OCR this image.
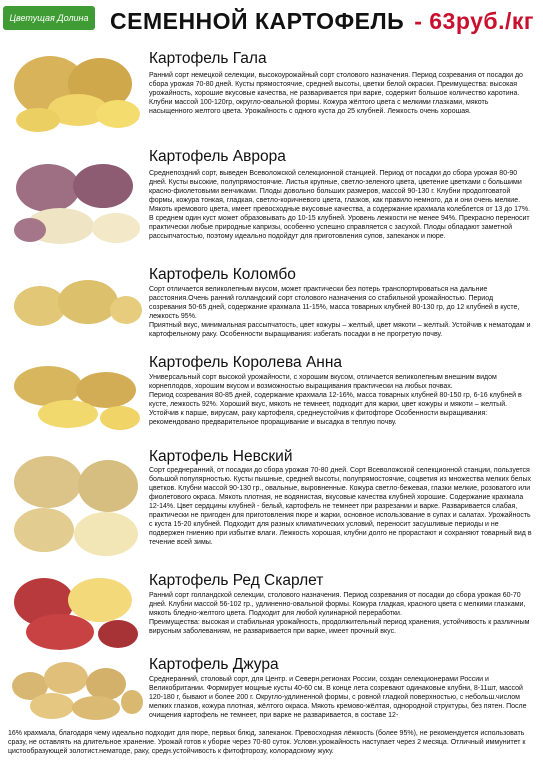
Цветущая Долина СЕМЕННОЙ КАРТОФЕЛЬ - 63руб./кг
Картофель Гала
Ранний сорт немецкой селекции, высокоурожайный сорт столового назначения. Период созревания от посадки до сбора урожая 70-80 дней. Кусты прямостоячие, средней высоты, цветки белой окраски. Преимущества: высокая урожайность, хорошие вкусовые качества, не разваривается при варке, содержит большое количество каротина. Клубни массой 100-120гр, округло-овальной формы. Кожура жёлтого цвета с мелкими глазками, мякоть насыщенного желтого цвета. Урожайность с одного куста до 25 клубней. Лежкость очень хорошая.
Картофель Аврора
Среднепоздний сорт, выведен Всеволожской селекционной станцией. Период от посадки до сбора урожая 80-90 дней. Кусты высокие, полупрямостоячие. Листья крупные, светло-зеленого цвета, цветение цветками с большими красно-фиолетовыми венчиками. Плоды довольно больших размеров, массой 90-130 г. Клубни продолговатой формы, кожура тонкая, гладкая, светло-коричневого цвета, глазков, как правило немного, да и они очень мелкие. Мякоть кремового цвета, имеет превосходные вкусовые качества, а содержание крахмала колеблется от 13 до 17%. В среднем один куст может образовывать до 10-15 клубней. Уровень лежкости не менее 94%. Прекрасно переносит практически любые природные капризы, особенно успешно справляется с засухой. Плоды обладают заметной рассыпчатостью, поэтому идеально подойдут для приготовления супов, запеканок и пюре.
Картофель Коломбо
Сорт отличается великолепным вкусом, может практически без потерь транспортироваться на дальние расстояния.Очень ранний голландский сорт столового назначения со стабильной урожайностью. Период созревания 50-65 дней, содержание крахмала 11-15%, масса товарных клубней 80-130 гр, до 12 клубней в кусте, лежкость 95%.
Приятный вкус, минимальная рассыпчатость, цвет кожуры – желтый, цвет мякоти – желтый. Устойчив к нематодам и картофельному раку. Особенности выращивания: избегать посадки в не прогретую почву.
Картофель Королева Анна
Универсальный сорт высокой урожайности, с хорошим вкусом, отличается великолепным внешним видом корнеплодов, хорошим вкусом и возможностью выращивания практически на любых почвах.
Период созревания 80-85 дней, содержание крахмала 12-16%, масса товарных клубней 80-150 гр, 6-16 клубней в кусте, лежкость 92%. Хороший вкус, мякоть не темнеет, подходит для жарки, цвет кожуры и мякоти – желтый. Устойчив к парше, вирусам, раку картофеля, среднеустойчив к фитофторе Особенности выращивания: рекомендовано предварительное проращивание и высадка в теплую почву.
Картофель Невский
Сорт среднеранний, от посадки до сбора урожая 70-80 дней. Сорт Всеволожской селекционной станции, пользуется большой популярностью. Кусты пышные, средней высоты, полупрямостоячие, соцветия из множества мелких белых цветков. Клубни массой 90-130 гр., овальные, выровненные. Кожура светло-бежевая, глазки мелкие, розоватого или фиолетового окраса. Мякоть плотная, не водянистая, вкусовые качества клубней хорошие. Содержание крахмала 12-14%. Цвет сердцины клубней - белый, картофель не темнеет при разрезании и варке. Разваривается слабая, практически не пригоден для приготовления пюре и жарки, основное использование в супах и салатах. Урожайность с куста 15-20 клубней. Подходит для разных климатических условий, переносит засушливые периоды и не подвержен гниению при избытке влаги. Лежкость хорошая, клубни долго не прорастают и сохраняют товарный вид в течение всей зимы.
Картофель Ред Скарлет
Ранний сорт голландской селекции, столового назначения. Период созревания от посадки до сбора урожая 60-70 дней. Клубни массой 56-102 гр., удлиненно-овальной формы. Кожура гладкая, красного цвета с мелкими глазками, мякоть бледно-желтого цвета. Подходит для любой кулинарной переработки.
Преимущества: высокая и стабильная урожайность, продолжительный период хранения, устойчивость к различным вирусным заболеваниям, не разваривается при варке, имеет прочный вкус.
Картофель Джура
Среднеранний, столовый сорт, для Центр. и Северн.регионах России, создан селекционерами России и Великобритании. Формирует мощные кусты 40-60 см. В конце лета созревают одинаковые клубни, 8-11шт, массой 120-180 г, бывают и более 200 г. Округло-удлиненной формы, с ровной гладкой поверхностью, с небольш.числом мелких глазков, кожура плотная, жёлтого окраса. Мякоть кремово-жёлтая, однородной структуры, без пятен. После очищения картофель не темнеет, при варке не разваривается, в составе 12-
16% крахмала, благодаря чему идеально подходит для пюре, первых блюд, запеканок. Превосходная лёжкость (более 95%), не рекомендуется использовать сразу, не оставлять на длительное хранение. Урожай готов к уборке через 70-80 суток. Условн.урожайность наступает через 2 месяца. Отличный иммунитет к цистообразующей золотист.нематоде, раку, средн.устойчивость к фитофторозу, колорадскому жуку.
